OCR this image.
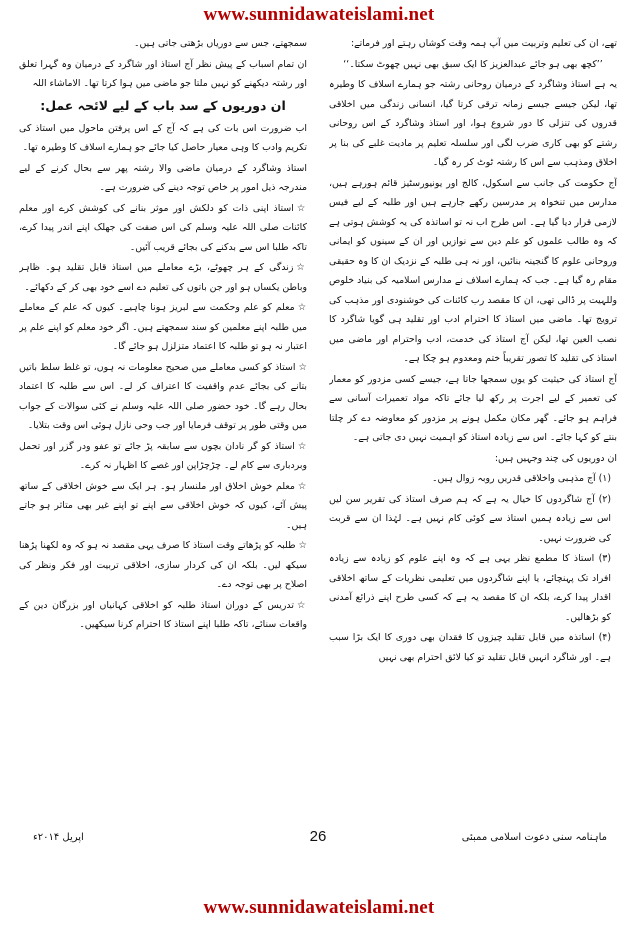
www.sunnidawateislami.net

تھے، ان کی تعلیم وتربیت میں آپ ہمہ وقت کوشاں رہتے اور فرماتے:

’’کچھ بھی ہو جائے عبدالعزیز کا ایک سبق بھی نہیں چھوٹ سکتا۔‘‘

یہ ہے استاذ وشاگرد کے درمیان روحانی رشتہ جو ہمارے اسلاف کا وطیرہ تھا، لیکن جیسے جیسے زمانہ ترقی کرتا گیا، انسانی زندگی میں اخلاقی قدروں کی تنزلی کا دور شروع ہوا، اور استاذ وشاگرد کے اس روحانی رشتے کو بھی کاری ضرب لگی اور سلسلہ تعلیم پر مادیت غلبے کی بنا پر اخلاق ومذہب سے اس کا رشتہ ٹوٹ کر رہ گیا۔

آج حکومت کی جانب سے اسکول، کالج اور یونیورسٹیز قائم ہورہے ہیں، مدارس میں تنخواہ پر مدرسین رکھے جارہے ہیں اور طلبہ کے لیے فیس لازمی قرار دیا گیا ہے۔ اس طرح اب نہ تو اساتذہ کی یہ کوشش ہوتی ہے کہ وہ طالب علموں کو علم دین سے نوازیں اور ان کے سینوں کو ایمانی وروحانی علوم کا گنجینہ بنائیں، اور نہ ہی طلبہ کے نزدیک ان کا وہ حقیقی مقام رہ گیا ہے۔ جب کہ ہمارے اسلاف نے مدارس اسلامیہ کی بنیاد خلوص وللہیت پر ڈالی تھی، ان کا مقصد رب کائنات کی خوشنودی اور مذہب کی ترویج تھا۔ ماضی میں استاذ کا احترام ادب اور تقلید ہی گویا شاگرد کا نصب العین تھا، لیکن آج استاذ کی خدمت، ادب واحترام اور ماضی میں استاذ کی تقلید کا تصور تقریباً ختم ومعدوم ہو چکا ہے۔

آج استاذ کی حیثیت کو یوں سمجھا جاتا ہے، جیسے کسی مزدور کو معمار کی تعمیر کے لیے اجرت پر رکھ لیا جائے تاکہ مواد تعمیرات آسانی سے فراہم ہو جائے۔ گھر مکان مکمل ہونے پر مزدور کو معاوضہ دے کر چلتا بنتے کو کہا جائے۔ اس سے زیادہ استاذ کو اہمیت نہیں دی جاتی ہے۔

ان دوریوں کی چند وجہیں ہیں:

(۱) آج مذہبی واخلاقی قدریں روبہ زوال ہیں۔

(۲) آج شاگردوں کا خیال یہ ہے کہ ہم صرف استاذ کی تقریر سن لیں اس سے زیادہ ہمیں استاذ سے کوئی کام نہیں ہے۔ لہٰذا ان سے قربت کی ضرورت نہیں۔

(۳) استاذ کا مطمع نظر یہی ہے کہ وہ اپنے علوم کو زیادہ سے زیادہ افراد تک پہنچائے، یا اپنے شاگردوں میں تعلیمی نظریات کے ساتھ اخلاقی اقدار پیدا کرے، بلکہ ان کا مقصد یہ ہے کہ کسی طرح اپنے ذرائع آمدنی کو بڑھالیں۔

(۴) اساتذہ میں قابل تقلید چیزوں کا فقدان بھی دوری کا ایک بڑا سبب ہے۔ اور شاگرد انہیں قابل تقلید تو کیا لائق احترام بھی نہیں

سمجھتے، جس سے دوریاں بڑھتی جاتی ہیں۔

ان تمام اسباب کے پیش نظر آج استاذ اور شاگرد کے درمیان وہ گہرا تعلق اور رشتہ دیکھنے کو نہیں ملتا جو ماضی میں ہوا کرتا تھا۔ الاماشاء اللہ

ان دوریوں کے سد باب کے لیے لائحہ عمل:

اب ضرورت اس بات کی ہے کہ آج کے اس پرفتن ماحول میں استاذ کی تکریم وادب کا وہی معیار حاصل کیا جائے جو ہمارے اسلاف کا وطیرہ تھا۔

استاذ وشاگرد کے درمیان ماضی والا رشتہ پھر سے بحال کرنے کے لیے مندرجہ ذیل امور پر خاص توجہ دینے کی ضرورت ہے۔

☆استاذ اپنی ذات کو دلکش اور موثر بنانے کی کوشش کرے اور معلم کائنات صلی اللہ علیہ وسلم کی اس صفت کی جھلک اپنے اندر پیدا کرے، تاکہ طلبا اس سے بدکنے کی بجائے قریب آئیں۔

☆زندگی کے ہر چھوٹے، بڑے معاملے میں استاذ قابل تقلید ہو۔ ظاہر وباطن یکساں ہو اور جن باتوں کی تعلیم دے اسے خود بھی کر کے دکھائے۔

☆معلم کو علم وحکمت سے لبریز ہونا چاہیے۔ کیوں کہ علم کے معاملے میں طلبہ اپنے معلمین کو سند سمجھتے ہیں۔ اگر خود معلم کو اپنے علم پر اعتبار نہ ہو تو طلبہ کا اعتماد متزلزل ہو جائے گا۔

☆استاذ کو کسی معاملے میں صحیح معلومات نہ ہوں، تو غلط سلط باتیں بتانے کی بجائے عدم واقفیت کا اعتراف کر لے۔ اس سے طلبہ کا اعتماد بحال رہے گا۔ خود حضور صلی اللہ علیہ وسلم نے کئی سوالات کے جواب میں وقتی طور پر توقف فرمایا اور جب وحی نازل ہوئی اس وقت بتلایا۔

☆استاذ کو گر نادان بچوں سے سابقہ پڑ جائے تو عفو ودر گزر اور تحمل وبردباری سے کام لے۔ چڑچڑاپن اور غصے کا اظہار نہ کرے۔

☆معلم خوش اخلاق اور ملنسار ہو۔ ہر ایک سے خوش اخلاقی کے ساتھ پیش آئے، کیوں کہ خوش اخلاقی سے اپنے تو اپنے غیر بھی متاثر ہو جاتے ہیں۔

☆طلبہ کو پڑھاتے وقت استاذ کا صرف یہی مقصد نہ ہو کہ وہ لکھنا پڑھنا سیکھ لیں۔ بلکہ ان کی کردار سازی، اخلاقی تربیت اور فکر ونظر کی اصلاح پر بھی توجہ دے۔

☆تدریس کے دوران استاذ طلبہ کو اخلاقی کہانیاں اور بزرگان دین کے واقعات سنائے، تاکہ طلبا اپنے استاذ کا احترام کرنا سیکھیں۔

ماہنامہ سنی دعوت اسلامی ممبئی
26
اپریل ۲۰۱۴ء
www.sunnidawateislami.net
